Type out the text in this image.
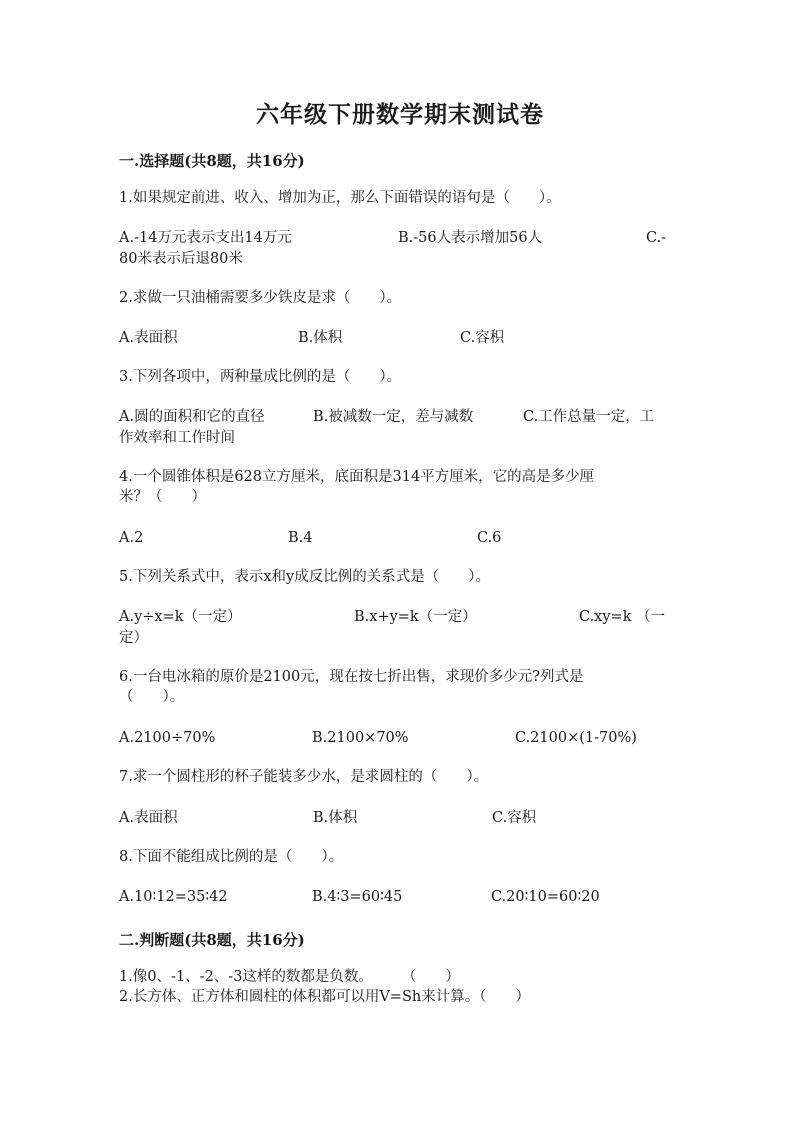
六年级下册数学期末测试卷
一.选择题(共8题，共16分)
1.如果规定前进、收入、增加为正，那么下面错误的语句是（　　）。
A.-14万元表示支出14万元	B.-56人表示增加56人	C.-
80米表示后退80米
2.求做一只油桶需要多少铁皮是求（　　）。
A.表面积	B.体积	C.容积
3.下列各项中，两种量成比例的是（　　）。
A.圆的面积和它的直径	B.被减数一定，差与减数	C.工作总量一定，工
作效率和工作时间
4.一个圆锥体积是628立方厘米，底面积是314平方厘米，它的高是多少厘
米？（　　）
A.2	B.4	C.6
5.下列关系式中，表示x和y成反比例的关系式是（　　）。
A.y÷x=k（一定）	B.x+y=k（一定）	C.xy=k （一
定）
6.一台电冰箱的原价是2100元，现在按七折出售，求现价多少元?列式是
（　　）。
A.2100÷70%	B.2100×70%	C.2100×(1-70%)
7.求一个圆柱形的杯子能装多少水，是求圆柱的（　　）。
A.表面积	B.体积	C.容积
8.下面不能组成比例的是（　　）。
A.10∶12=35∶42	B.4∶3=60∶45	C.20∶10=60∶20
二.判断题(共8题，共16分)
1.像0、-1、-2、-3这样的数都是负数。　　　（　　）
2.长方体、正方体和圆柱的体积都可以用V=Sh来计算。（　　）
